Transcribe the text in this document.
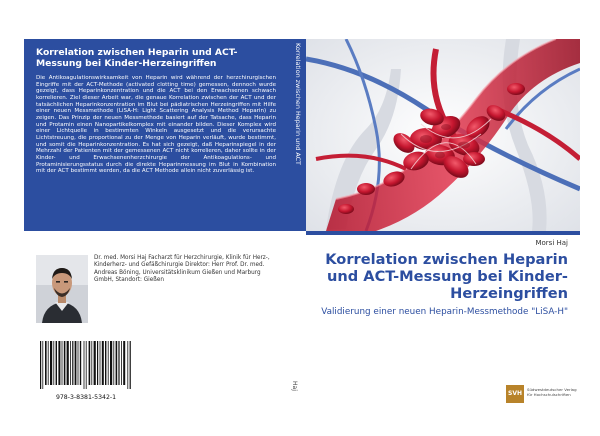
Korrelation zwischen Heparin und ACT-Messung bei Kinder-Herzeingriffen
Die Antikoagulationswirksamkeit von Heparin wird während der herzchirurgischen Eingriffe mit der ACT-Methode (activated clotting time) gemessen, dennoch wurde gezeigt, dass Heparinkonzentration und die ACT bei den Erwachsenen schwach korrelieren. Ziel dieser Arbeit war, die genaue Korrelation zwischen der ACT und der tatsächlichen Heparinkonzentration im Blut bei pädiatrischen Herzeingriffen mit Hilfe einer neuen Messmethode (LiSA-H: Light Scattering Analysis Method Heparin) zu zeigen. Das Prinzip der neuen Messmethode basiert auf der Tatsache, dass Heparin und Protamin einen Nanopartikelkomplex mit einander bilden. Dieser Komplex wird einer Lichtquelle in bestimmten Winkeln ausgesetzt und die verursachte Lichtstreuung, die proportional zu der Menge von Heparin verläuft, wurde bestimmt, und somit die Heparinkonzentration. Es hat sich gezeigt, daß Heparinspiegel in der Mehrzahl der Patienten mit der gemessenen ACT nicht korrelieren, daher sollte in der Kinder- und Erwachsenenherzchirurgie der Antikoagulations- und Protaminisierungsstatus durch die direkte Heparinmessung im Blut in Kombination mit der ACT bestimmt werden, da die ACT Methode allein nicht zuverlässig ist.
Dr. med. Morsi Haj Facharzt für Herzchirurgie, Klinik für Herz-, Kinderherz- und Gefäßchirurgie Direktor: Herr Prof. Dr. med. Andreas Böning, Universitätsklinikum Gießen und Marburg GmbH, Standort: Gießen
978-3-8381-5342-1
Korrelation zwischen Heparin und ACT
Haj
Morsi Haj
Korrelation zwischen Heparin und ACT-Messung bei Kinder-Herzeingriffen
Validierung einer neuen Heparin-Messmethode "LiSA-H"
SVH
Südwestdeutscher Verlag für Hochschulschriften
